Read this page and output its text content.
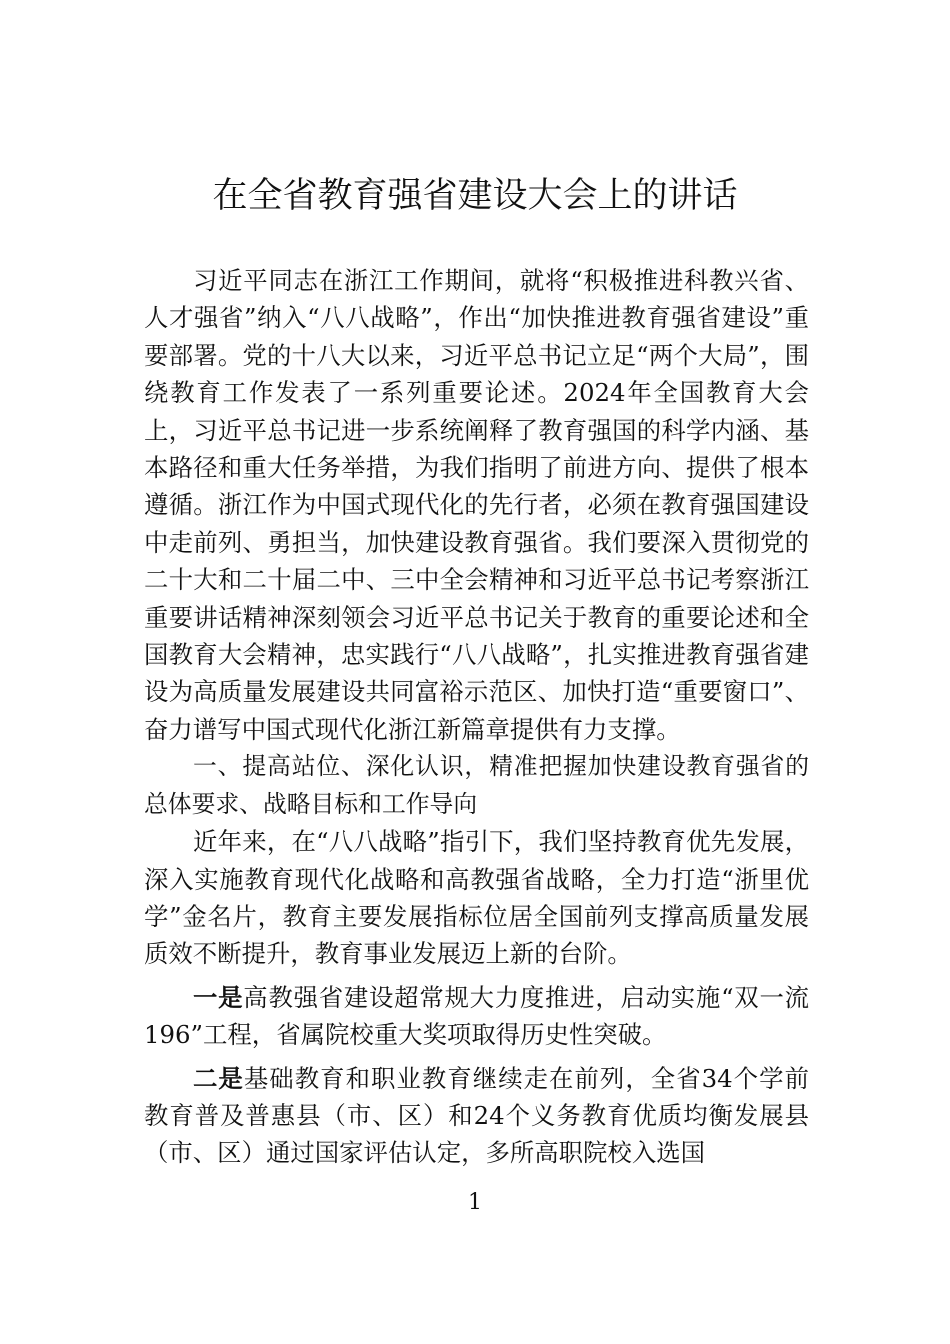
在全省教育强省建设大会上的讲话

习近平同志在浙江工作期间，就将“积极推进科教兴省、人才强省”纳入“八八战略”，作出“加快推进教育强省建设”重要部署。党的十八大以来，习近平总书记立足“两个大局”，围绕教育工作发表了一系列重要论述。2024年全国教育大会上，习近平总书记进一步系统阐释了教育强国的科学内涵、基本路径和重大任务举措，为我们指明了前进方向、提供了根本遵循。浙江作为中国式现代化的先行者，必须在教育强国建设中走前列、勇担当，加快建设教育强省。我们要深入贯彻党的二十大和二十届二中、三中全会精神和习近平总书记考察浙江重要讲话精神深刻领会习近平总书记关于教育的重要论述和全国教育大会精神，忠实践行“八八战略”，扎实推进教育强省建设为高质量发展建设共同富裕示范区、加快打造“重要窗口”、奋力谱写中国式现代化浙江新篇章提供有力支撑。

一、提高站位、深化认识，精准把握加快建设教育强省的总体要求、战略目标和工作导向

近年来，在“八八战略”指引下，我们坚持教育优先发展，深入实施教育现代化战略和高教强省战略，全力打造“浙里优学”金名片，教育主要发展指标位居全国前列支撑高质量发展质效不断提升，教育事业发展迈上新的台阶。

一是高教强省建设超常规大力度推进，启动实施“双一流196”工程，省属院校重大奖项取得历史性突破。

二是基础教育和职业教育继续走在前列，全省34个学前教育普及普惠县（市、区）和24个义务教育优质均衡发展县（市、区）通过国家评估认定，多所高职院校入选国

1
